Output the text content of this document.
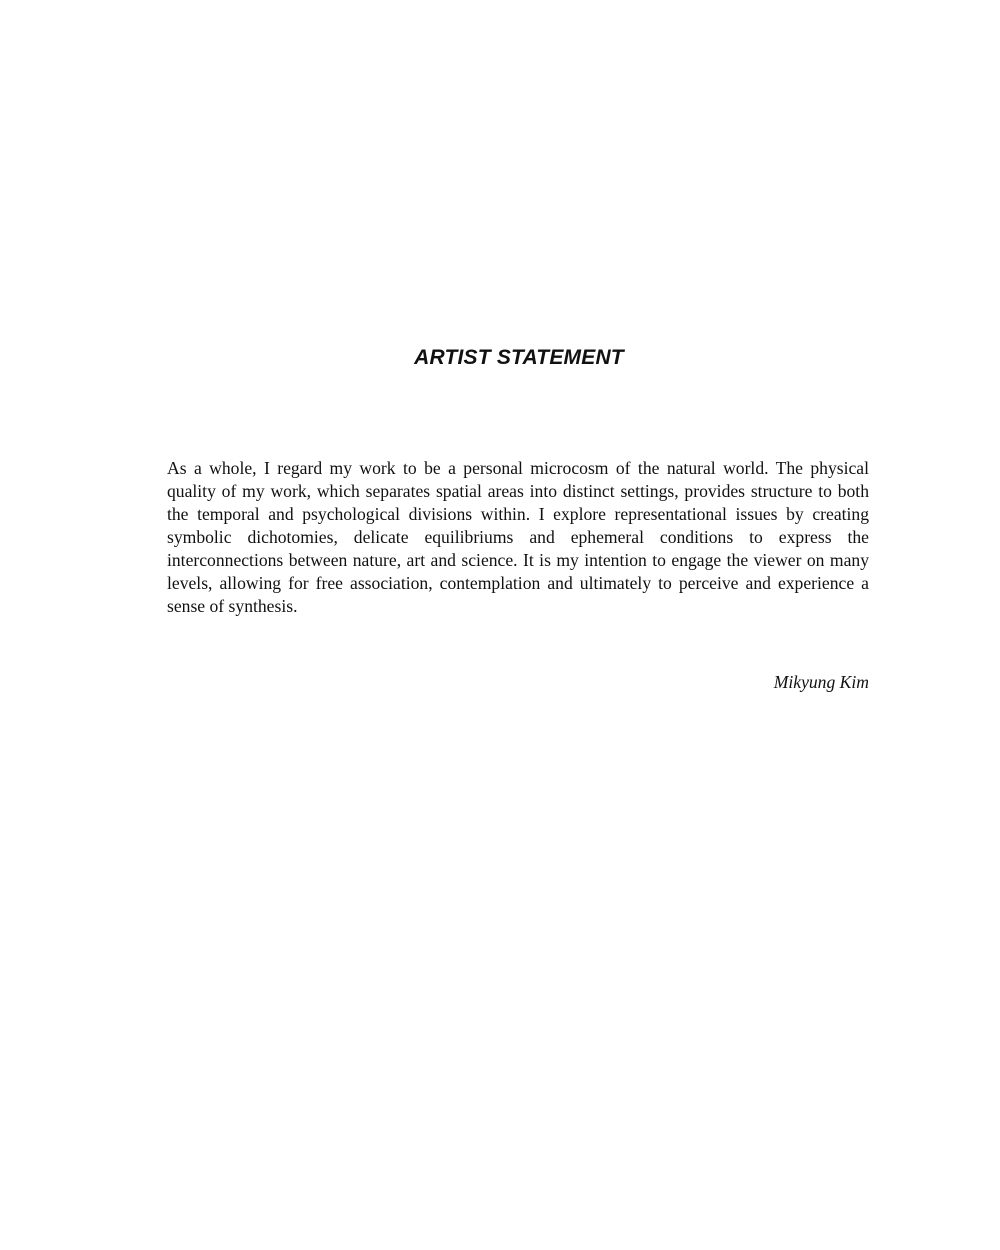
ARTIST STATEMENT

As a whole, I regard my work to be a personal microcosm of the natural world. The physical quality of my work, which separates spatial areas into distinct settings, provides structure to both the temporal and psychological divisions within. I explore representational issues by creating symbolic dichotomies, delicate equilibriums and ephemeral conditions to express the interconnections between nature, art and science. It is my intention to engage the viewer on many levels, allowing for free association, contemplation and ultimately to perceive and experience a sense of synthesis.

Mikyung Kim
